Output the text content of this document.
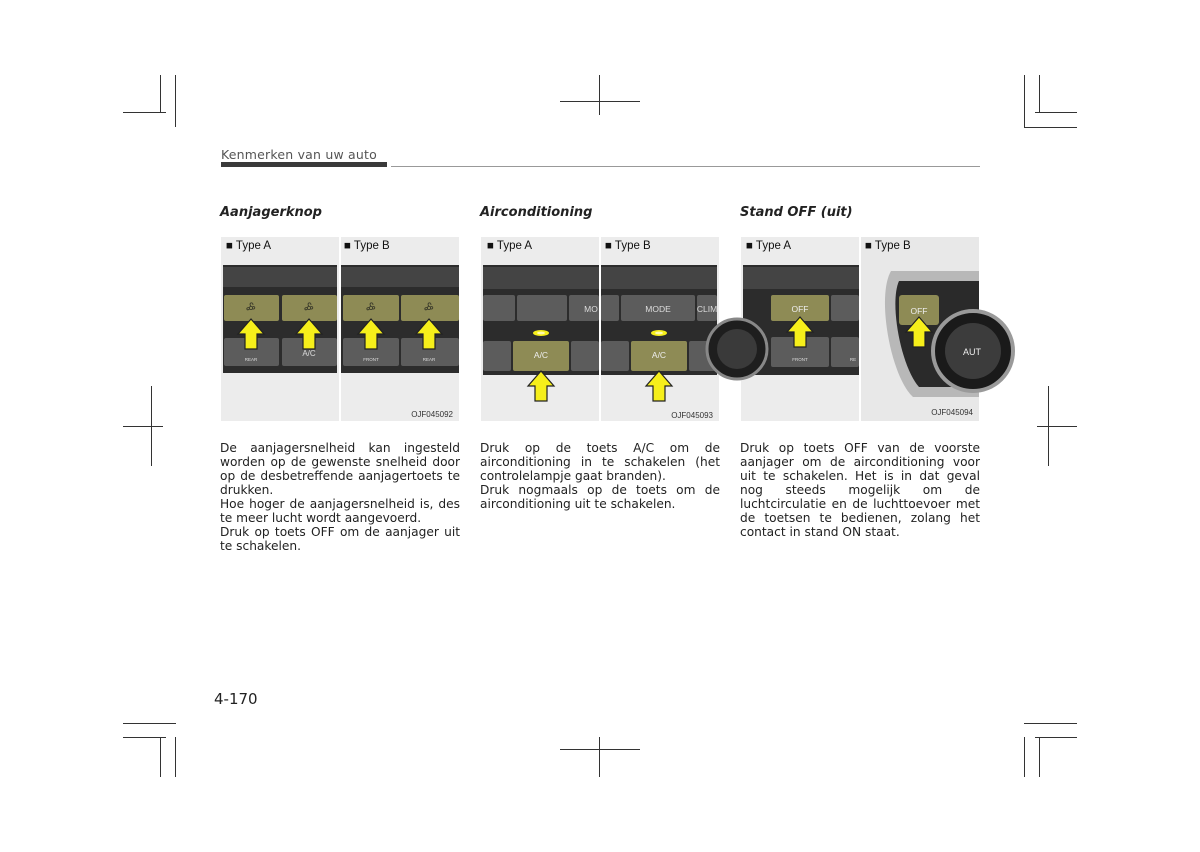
Kenmerken van uw auto
Aanjagerknop
REAR
A/C
FRONT	REAR
■ Type A	■ Type B
OJF045092

De aanjagersnelheid kan ingesteld worden op de gewenste snelheid door op de desbetreffende aanjagertoets te drukken.

Hoe hoger de aanjagersnelheid is, des te meer lucht wordt aangevoerd.

Druk op toets OFF om de aanjager uit te schakelen.

Airconditioning
MO
A/C
MODE	CLIM
A/C
■ Type A	■ Type B
OJF045093

Druk op de toets A/C om de airconditioning in te schakelen (het controlelampje gaat branden).

Druk nogmaals op de toets om de airconditioning uit te schakelen.

Stand OFF (uit)
OFF
FRONT	RE
OFF
AUT
■ Type A	■ Type B
OJF045094

Druk op toets OFF van de voorste aanjager om de airconditioning voor uit te schakelen. Het is in dat geval nog steeds mogelijk om de luchtcirculatie en de luchttoevoer met de toetsen te bedienen, zolang het contact in stand ON staat.

4-170
